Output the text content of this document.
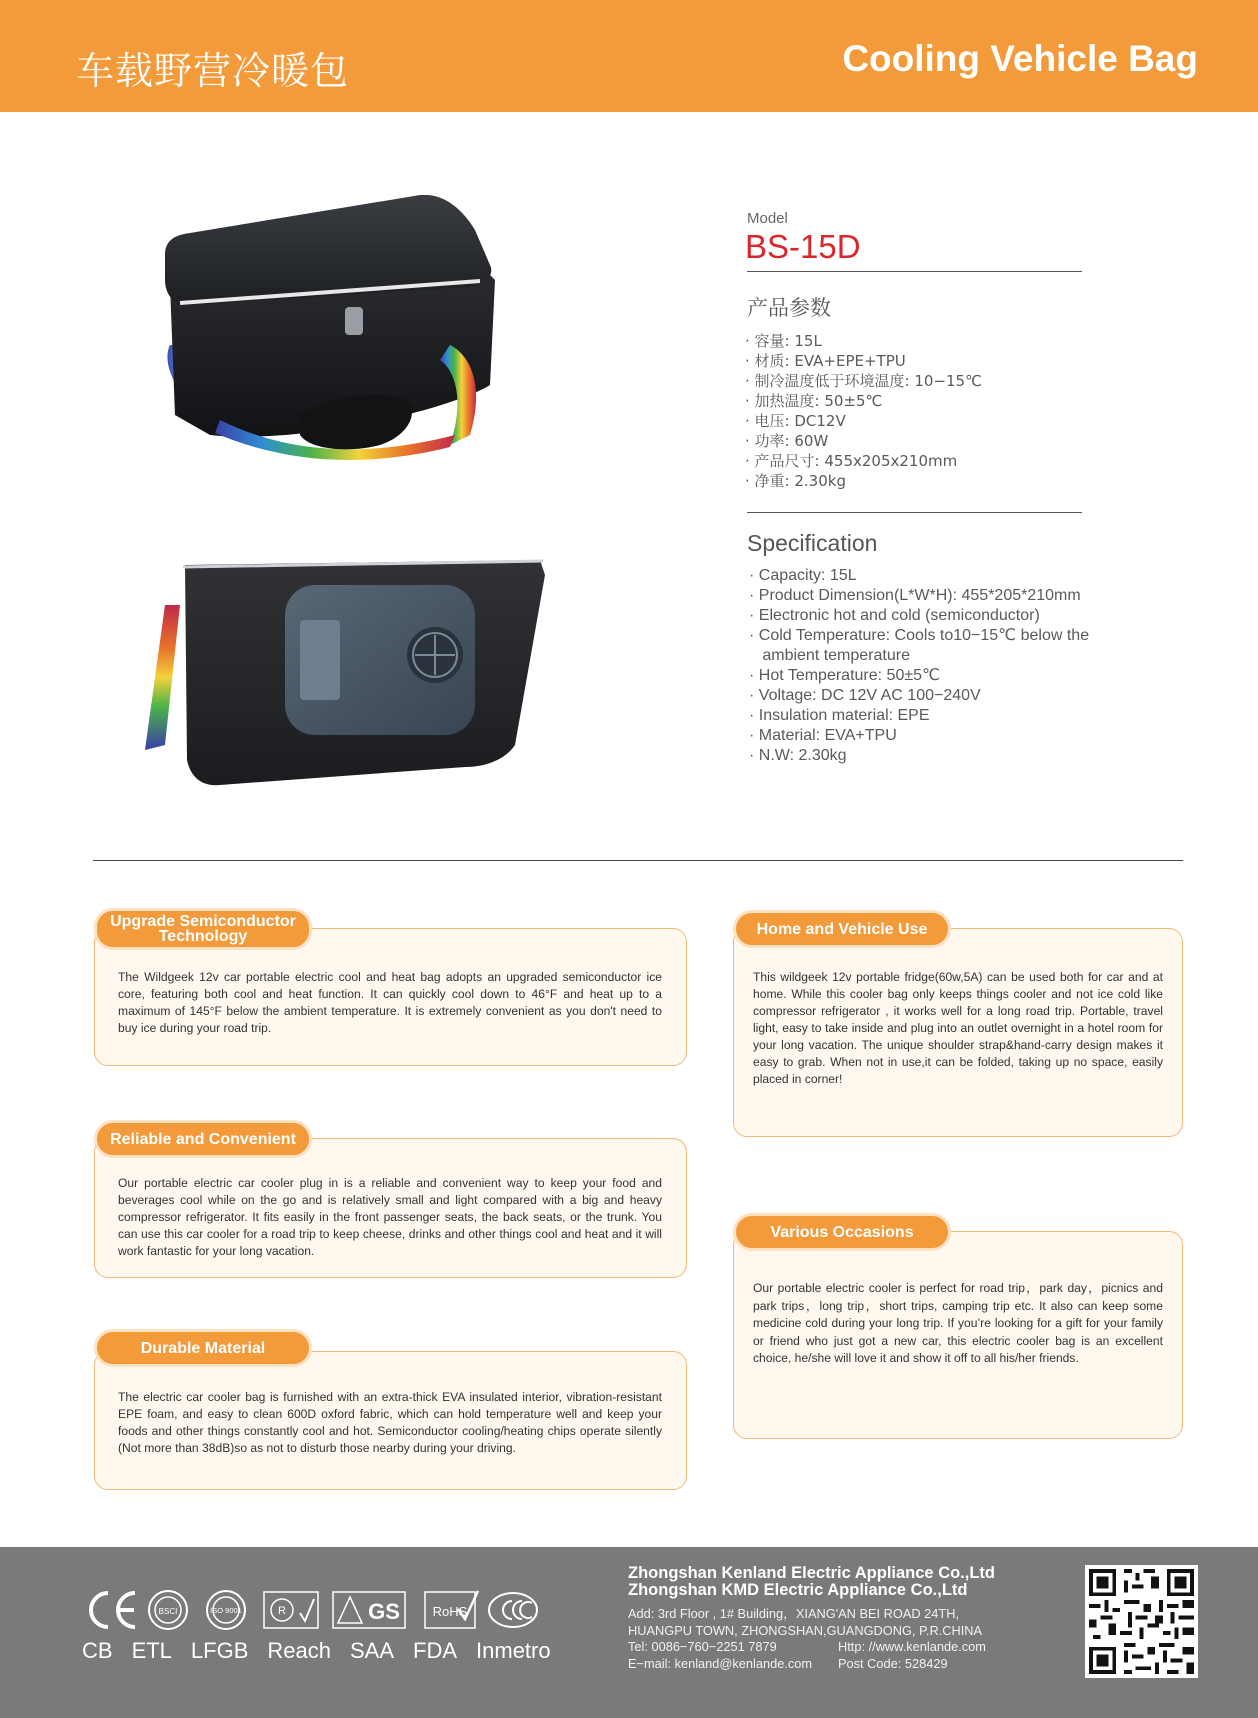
车载野营冷暖包	Cooling Vehicle Bag
Model
BS-15D
产品参数
· 容量: 15L
· 材质: EVA+EPE+TPU
· 制冷温度低于环境温度: 10−15℃
· 加热温度: 50±5℃
· 电压: DC12V
· 功率: 60W
· 产品尺寸: 455x205x210mm
· 净重: 2.30kg
Specification
· Capacity: 15L
· Product Dimension(L*W*H): 455*205*210mm
· Electronic hot and cold (semiconductor)
· Cold Temperature: Cools to10−15℃ below the
ambient temperature
· Hot Temperature: 50±5℃
· Voltage: DC 12V AC 100−240V
· Insulation material: EPE
· Material: EVA+TPU
· N.W: 2.30kg
Upgrade Semiconductor
Technology
The Wildgeek 12v car portable electric cool and heat bag adopts an upgraded semiconductor ice core, featuring both cool and heat function. It can quickly cool down to 46°F and heat up to a maximum of 145°F below the ambient temperature. It is extremely convenient as you don't need to buy ice during your road trip.
Reliable and Convenient
Our portable electric car cooler plug in is a reliable and convenient way to keep your food and beverages cool while on the go and is relatively small and light compared with a big and heavy compressor refrigerator. It fits easily in the front passenger seats, the back seats, or the trunk. You can use this car cooler for a road trip to keep cheese, drinks and other things cool and heat and it will work fantastic for your long vacation.
Durable Material
The electric car cooler bag is furnished with an extra-thick EVA insulated interior, vibration-resistant EPE foam, and easy to clean 600D oxford fabric, which can hold temperature well and keep your foods and other things constantly cool and hot. Semiconductor cooling/heating chips operate silently (Not more than 38dB)so as not to disturb those nearby during your driving.
Home and Vehicle Use
This wildgeek 12v portable fridge(60w,5A) can be used both for car and at home. While this cooler bag only keeps things cooler and not ice cold like compressor refrigerator , it works well for a long road trip. Portable, travel light, easy to take inside and plug into an outlet overnight in a hotel room for your long vacation. The unique shoulder strap&hand-carry design makes it easy to grab. When not in use,it can be folded, taking up no space, easily placed in corner!
Various Occasions
Our portable electric cooler is perfect for road trip，park day，picnics and park trips，long trip，short trips, camping trip etc. It also can keep some medicine cold during your long trip. If you’re looking for a gift for your family or friend who just got a new car, this electric cooler bag is an excellent choice, he/she will love it and show it off to all his/her friends.
BSCI	ISO 9001	R	GS	RoHS
CB ETL LFGB Reach SAA FDA Inmetro
Zhongshan Kenland Electric Appliance Co.,Ltd
Zhongshan KMD Electric Appliance Co.,Ltd
Add: 3rd Floor , 1# Building，XIANG'AN BEI ROAD 24TH,
HUANGPU TOWN, ZHONGSHAN,GUANGDONG, P.R.CHINA
Tel: 0086−760−2251 7879	Http: //www.kenlande.com
E−mail: kenland@kenlande.com	Post Code: 528429
